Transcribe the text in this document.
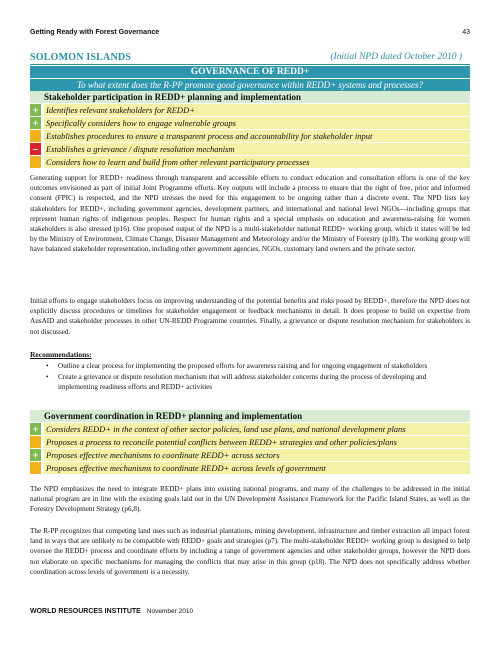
Getting Ready with Forest Governance	43
SOLOMON ISLANDS	(Initial NPD dated October 2010 )
GOVERNANCE OF REDD+
To what extent does the R-PP promote good governance within REDD+ systems and processes?
Stakeholder participation in REDD+ planning and implementation
+ Identifies relevant stakeholders for REDD+
+ Specifically considers how to engage vulnerable groups
Establishes procedures to ensure a transparent process and accountability for stakeholder input
– Establishes a grievance / dispute resolution mechanism
Considers how to learn and build from other relevant participatory processes
Generating support for REDD+ readiness through transparent and accessible efforts to conduct education and consultation efforts is one of the key outcomes envisioned as part of initial Joint Programme efforts. Key outputs will include a process to ensure that the right of free, prior and informed consent (FPIC) is respected, and the NPD stresses the need for this engagement to be ongoing rather than a discrete event. The NPD lists key stakeholders for REDD+, including government agencies, development partners, and international and national level NGOs—including groups that represent human rights of indigenous peoples. Respect for human rights and a special emphasis on education and awareness-raising for women stakeholders is also stressed (p16). One proposed output of the NPD is a multi-stakeholder national REDD+ working group, which it states will be led by the Ministry of Environment, Climate Change, Disaster Management and Meteorology and/or the Ministry of Forestry (p18). The working group will have balanced stakeholder representation, including other government agencies, NGOs, customary land owners and the private sector.
Initial efforts to engage stakeholders focus on improving understanding of the potential benefits and risks posed by REDD+, therefore the NPD does not explicitly discuss procedures or timelines for stakeholder engagement or feedback mechanisms in detail. It does propose to build on expertise from AusAID and stakeholder processes in other UN-REDD Programme countries. Finally, a grievance or dispute resolution mechanism for stakeholders is not discussed.
Recommendations:
• Outline a clear process for implementing the proposed efforts for awareness raising and for ongoing engagement of stakeholders
• Create a grievance or dispute resolution mechanism that will address stakeholder concerns during the process of developing and implementing readiness efforts and REDD+ activities
Government coordination in REDD+ planning and implementation
+ Considers REDD+ in the context of other sector policies, land use plans, and national development plans
Proposes a process to reconcile potential conflicts between REDD+ strategies and other policies/plans
+ Proposes effective mechanisms to coordinate REDD+ across sectors
Proposes effective mechanisms to coordinate REDD+ across levels of government
The NPD emphasizes the need to integrate REDD+ plans into existing national programs, and many of the challenges to be addressed in the initial national program are in line with the existing goals laid out in the UN Development Assistance Framework for the Pacific Island States, as well as the Forestry Development Strategy (p6,8).
The R-PP recognizes that competing land uses such as industrial plantations, mining development, infrastructure and timber extraction all impact forest land in ways that are unlikely to be compatible with REDD+ goals and strategies (p7). The multi-stakeholder REDD+ working group is designed to help oversee the REDD+ process and coordinate efforts by including a range of government agencies and other stakeholder groups, however the NPD does not elaborate on specific mechanisms for managing the conflicts that may arise in this group (p18). The NPD does not specifically address whether coordination across levels of government is a necessity.
WORLD RESOURCES INSTITUTE November 2010
